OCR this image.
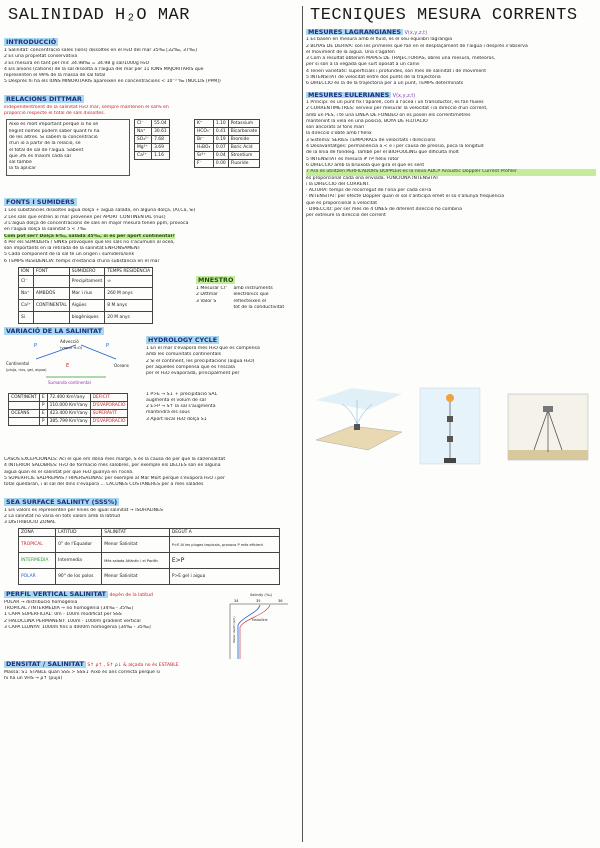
SALINIDAD H₂O MAR
INTRODUCCIÓ
1 Salinitat: concentració sales (ions) dissoltes en el H₂O del mar 35‰ [32‰, 37‰]
2 És una propietat conservativa
3 És mesura en tant per mil: 34.98‰ = 34.98 g sal/1000g H₂O
4 Els anions (cations) de la sal dissolta a l'aigua del mar per 11 IONS MAJORITARIS que
representen el 99% de la massa de sal total
5 Després hi ha els IONS MINORITARIS apareixen en concentracions < 10⁻³ ‰ (NUCLIS [PPM])
RELACIONS DITTMAR
independentment de la salinitat H₂O mar, sempre mantenen el sal% en
proporció respecte el total de sals dissoltes.
Això és molt important perquè si ho sé
llegint només podem saber quant hi ha
de les altres. Si sabem la concentració
d'un ió a partir de la relació, sé
el total de sal de l'aigua. Sabent
que 3% és maxim cada sal
sal també
la fa aplicar
Cl⁻	55.04
Na⁺	30.61
SO₄²⁻	7.68
Mg²⁺	3.69
Ca²⁺	1.16
K⁺	1.10	Potassium
HCO₃⁻	0.41	Bicarbonate
Br⁻	0.19	Bromide
H₃BO₃	0.07	Boric Acid
Sr²⁺	0.04	Strontium
F⁻	0.00	Fluoride
FONTS I SUMIDERS
1 Les substàncies dissoltes aigua dolça + aigua salada, en alguna dolça, (Al,Ca, Si)
2 Les sals que entren al mar provenen per APORT CONTINENTAL (rius)
3 L'aigua dolça de concentracions de sals en major mesura tenen ppm, provoca
en l'aigua dolça la salinitat 5 < 7‰
Com pot ser? Dolça 6‰, salada 35‰, si es per aport continental?
4 Per els SUMIDERS / SINKS provoquen que les sals no s'acumulin al oceà,
són importants en la retirada de la salinitat ENFONSAMENT
5 Cada component de la sal té un origen i sumidero/sink
6 TEMPS RESIDÈNCIA: temps d'estància d'una substància en el mar
ION	FONT	SUMIDERO	TEMPS RESIDÈNCIA
Cl⁻		Precipitament	∞
Na⁺	AMBDÓS	Mar i rius	260 M anys
Ca²⁺	CONTINENTAL	Aigües	8 M anys
Si		biogèniques	20 M anys
MNESTRO
1 Mesurar Cl⁻
2 Dittmar
3 Valor S
amb instruments
electrònics que
reflecteixen el
tot de la conductivitat
VARIACIÓ DE LA SALINITAT
P
Advecció
(vapor H₂O)	P
Continental
(pluja, rius, gel, aigua)
E	Oceans
Sumanda continental
CONTINENT	E	72.400 Km³/any	DÈFICIT
	P	110.000 Km³/any	D'EVAPORACIÓ
OCEÀNS	E	423.400 Km³/any	SUPERÀVIT
	P	385.799 Km³/any	D'EVAPORACIÓ
HYDROLOGY CYCLE
1 En el mar s'evapora més H₂O que es compensa
amb les comunitats continentals
2 Sí el continent, les precipitacions (aigua H₂O)
per aquelles compensa que és l'escala
per el H₂O evaporada, principalment per
1 P>E → S↓ + precipitació SAL
augmenta el volum de sal
2 E>P → S↑ la sal s'augmenta
mantindrà els sous
3 Aport local H₂O dolça S↓
CASOS EXCEPCIONALS: Ací el que em dóna més marge, S és la causa de per què la sal/ensalitat
4 INTERIOR SALOBRES: H₂O de formació més salobres, per exemple els DELTES són en alguna
aigua quan és el salinitat per que H₂O guanya en l'oceà.
5 SUPERFICIE SALPREMAS / HIPERSALINAS: per exemple al Mar Mort perquè s'evapora H₂O i per
total quedaran, i al sal del dins s'evapora ... LACUNES COSTANERES per a més salades
SEA SURFACE SALINITY (SSS%)
1 Els valors es representen per línies de igual salinitat → ISOHALINES
2 La salinitat no varia en tots valors amb la latitud
3 DISTRIBUCIÓ ZONAL
ZONA	LATITUD	SALINITAT	DEGUT A
TROPICAL	0° de l'Equador	Menor Salinitat	P>E Al les pluges tropicals, provoca P més eficient
INTERMEDIA	Intermedia	Més salada Atlàntic i el Pacífic	E>P
POLAR	90° de los polos	Menor Salinitat	P>E gel i aigua
PERFIL VERTICAL SALINITAT depèn de la latitud
POLAR → distribució homogènia
TROPICAL / INTERMEDIA → no homogènia [34‰ - 35‰]
1 CAPA SUPERFICIAL: 0m - 100m modificat per SSS
2 HALOCLINA PERMANENT: 100m - 1000m gradient vertical
3 CAPA LLUNYA: 1000m fins a 4000m homogènia [34‰ - 35‰]
Salinity (‰)
34	35	36
Halocline
Water depth (km)
DENSITAT / SALINITAT S↑ ρ↑ , S↑ ρ↓ & alçada no és ESTABLE
Massa: S↓ STABLE quan SSS > SSS↓ Això és ans correcta perquè si
hi ha un VHS → ρ↑ (puja)
TECNIQUES MESURA CORRENTS
MESURES LAGRANGIANES V(x,y,z,t)
1 És basen en mesura amb el fluid, es el seu equilibri lagrangia
2 BOYAS DE DERIVA: són les primeres que fan en el desplaçament de l'aigua i després s'observa
el moviment de la aigua. Una s'agafen
3 Com a resultat obtenim MAPES DE TRAJECTORIAS, obres una mesura, meteoros,
per si són a la vegada que surt oposat a un canvi
4 Tenen varietats: superficials i profundes, són més de salinitat i de moviment
5 INTENSITAT de velocitat entre dos punts de la trajectòria
6 DIRECCIÓ és la de la trajectòria per a un punt, TEMPS determinats
MESURES EULERIANES V(x,y,z,t)
1 Principi: és un punt fix l'aparell, com a l'oceà i un transductor, es fan fluxes
2 CORRENTÍMETRES: serveix per mesurar la velocitat i la direcció d'un corrent,
amb un PES, i té una LINEA DE FONDEO on es posen els correntímetres
mantenint la vela en una posició, BOYA DE FLOTACIÓ
són ancorats al fons marí
la direcció s'obté amb l'hèlix
3 Sistema: SÈRIES TEMPORALS de velocitats i direccions
4 Desavantatges: permanència a < e i per causa de pressió, poca la longitud
de la línia de fondeig. També per el BIOFOULING que dificulta molt
5 INTENSITAT es mesura # nº hèlix rotor
6 DIRECCIÓ amb la brúixola que gira el que es sent
7 Ara es utilitzen PERFILADORS DOPPLER es la nova ADCP Acoustic Doppler Current Profiler
és proporcional cada ona enviada. FUNCIONA INTENSITAT
i la DIRECCIÓ del CORRENT.
· ALTURA: temps de recorregut de l'ona per cada cel·la
· INTENSITAT: per efecte Doppler quan el sol s'anticipa emet el so s'allunya freqüència
que és proporcional a velocitat
· DIRECCIÓ: per ser més de 4 ONES de diferent direcció ho combina
per extreure la direcció del corrent
